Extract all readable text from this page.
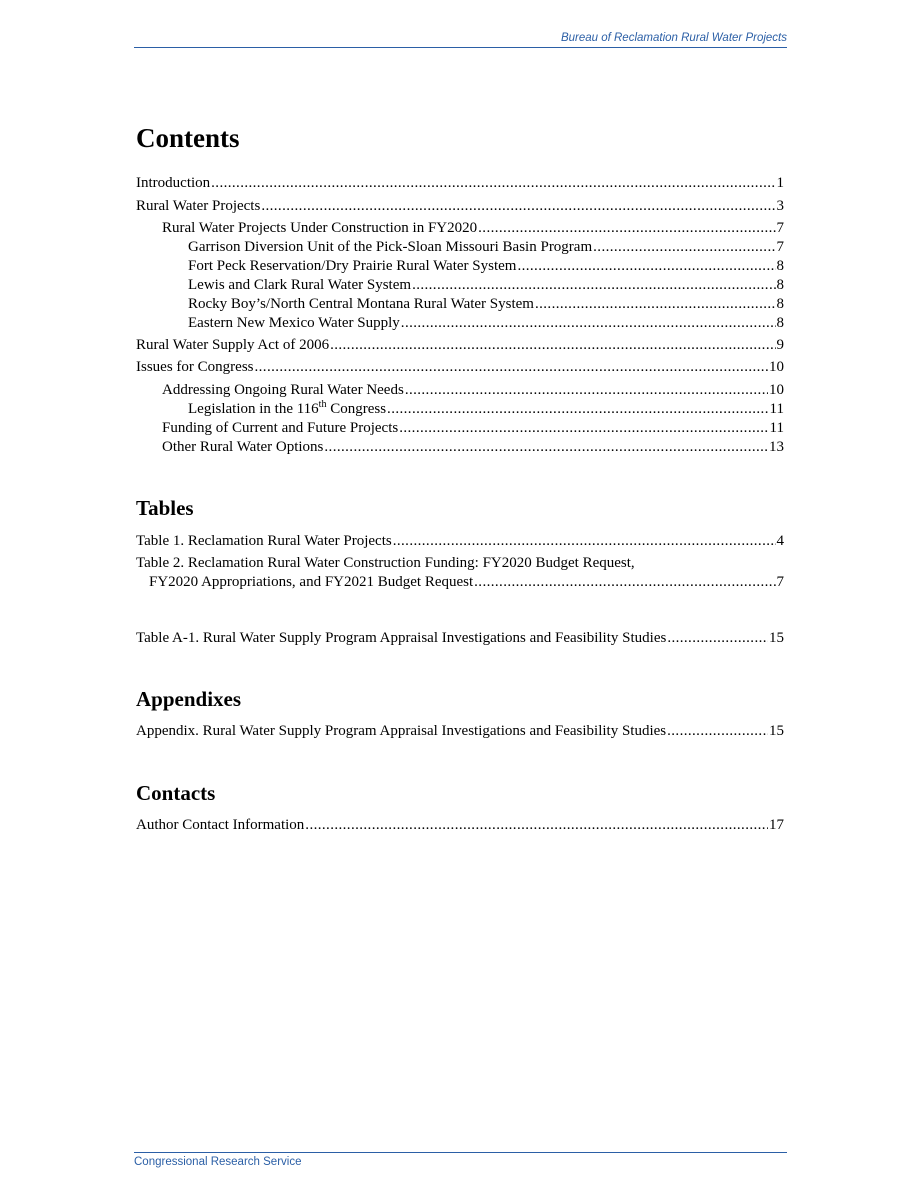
Bureau of Reclamation Rural Water Projects
Contents
Introduction .....	1
Rural Water Projects .....	3
Rural Water Projects Under Construction in FY2020 .....	7
Garrison Diversion Unit of the Pick-Sloan Missouri Basin Program .....	7
Fort Peck Reservation/Dry Prairie Rural Water System .....	8
Lewis and Clark Rural Water System .....	8
Rocky Boy’s/North Central Montana Rural Water System .....	8
Eastern New Mexico Water Supply .....	8
Rural Water Supply Act of 2006 .....	9
Issues for Congress .....	10
Addressing Ongoing Rural Water Needs .....	10
Legislation in the 116th Congress .....	11
Funding of Current and Future Projects .....	11
Other Rural Water Options .....	13
Tables
Table 1. Reclamation Rural Water Projects .....	4
Table 2. Reclamation Rural Water Construction Funding: FY2020 Budget Request,
FY2020 Appropriations, and FY2021 Budget Request .....	7
Table A-1. Rural Water Supply Program Appraisal Investigations and Feasibility Studies .....	15
Appendixes
Appendix. Rural Water Supply Program Appraisal Investigations and Feasibility Studies .....	15
Contacts
Author Contact Information .....	17
Congressional Research Service
